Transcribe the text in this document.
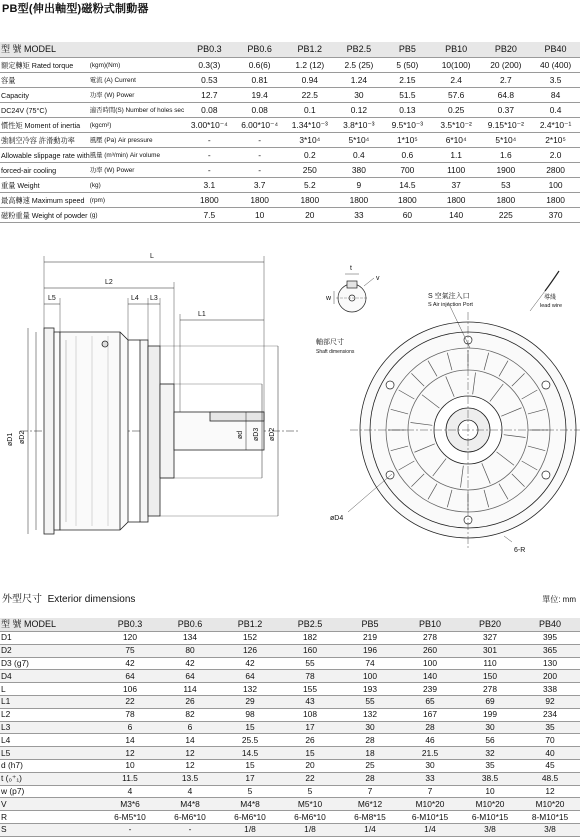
PB型(伸出軸型)磁粉式制動器
型 號 MODEL		PB0.3	PB0.6	PB1.2	PB2.5	PB5	PB10	PB20	PB40
額定轉矩 Rated torque	(kgm)(Nm)	0.3(3)	0.6(6)	1.2 (12)	2.5 (25)	5 (50)	10(100)	20 (200)	40 (400)
容量	電流 (A) Current	0.53	0.81	0.94	1.24	2.15	2.4	2.7	3.5
Capacity	功率 (W) Power	12.7	19.4	22.5	30	51.5	57.6	64.8	84
DC24V (75°C)	適否時間(S) Number of holes sec	0.08	0.08	0.1	0.12	0.13	0.25	0.37	0.4
慣性矩 Moment of inertia	(kgcm²)	3.00*10⁻⁴	6.00*10⁻⁴	1.34*10⁻³	3.8*10⁻³	9.5*10⁻³	3.5*10⁻²	9.15*10⁻²	2.4*10⁻¹
強制空冷容 許滑動功率	風壓 (Pa) Air pressure	-	-	3*10⁴	5*10⁴	1*10⁵	6*10⁴	5*10⁴	2*10⁵
Allowable slippage rate with	風量 (m³/min) Air volume	-	-	0.2	0.4	0.6	1.1	1.6	2.0
forced-air cooling	功率 (W) Power	-	-	250	380	700	1100	1900	2800
重量 Weight	(kg)	3.1	3.7	5.2	9	14.5	37	53	100
最高轉速 Maximum speed	(rpm)	1800	1800	1800	1800	1800	1800	1800	1800
磁粉重量 Weight of powder	(g)	7.5	10	20	33	60	140	225	370
L
L2
L5	L4 L3
L1
øD1 øD2	ød øD3 øD2
t
w
v
軸部尺寸
Shaft dimensions
S 空氣注入口
S Air injection Port
導綫
lead wire
øD4
6-R
外型尺寸 Exterior dimensions	單位: mm
型 號 MODEL	PB0.3	PB0.6	PB1.2	PB2.5	PB5	PB10	PB20	PB40
D1	120	134	152	182	219	278	327	395
D2	75	80	126	160	196	260	301	365
D3 (g7)	42	42	42	55	74	100	110	130
D4	64	64	64	78	100	140	150	200
L	106	114	132	155	193	239	278	338
L1	22	26	29	43	55	65	69	92
L2	78	82	98	108	132	167	199	234
L3	6	6	15	17	30	28	30	35
L4	14	14	25.5	26	28	46	56	70
L5	12	12	14.5	15	18	21.5	32	40
d (h7)	10	12	15	20	25	30	35	45
t (₀⁺₁)	11.5	13.5	17	22	28	33	38.5	48.5
w (p7)	4	4	5	5	7	7	10	12
V	M3*6	M4*8	M4*8	M5*10	M6*12	M10*20	M10*20	M10*20
R	6-M5*10	6-M6*10	6-M6*10	6-M6*10	6-M8*15	6-M10*15	6-M10*15	8-M10*15
S	-	-	1/8	1/8	1/4	1/4	3/8	3/8
